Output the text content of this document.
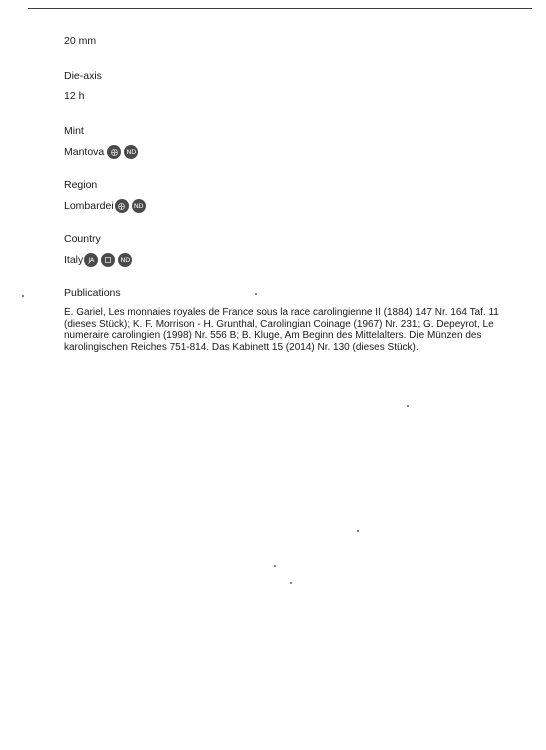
20 mm

Die-axis

12 h

Mint

Mantova	ND

Region

Lombardei	ND

Country

Italy JA	ND

Publications

E. Gariel, Les monnaies royales de France sous la race carolingienne II (1884) 147 Nr. 164 Taf. 11 (dieses Stück); K. F. Morrison - H. Grunthal, Carolingian Coinage (1967) Nr. 231; G. Depeyrot, Le numeraire carolingien (1998) Nr. 556 B; B. Kluge, Am Beginn des Mittelalters. Die Münzen des karolingischen Reiches 751-814. Das Kabinett 15 (2014) Nr. 130 (dieses Stück).
